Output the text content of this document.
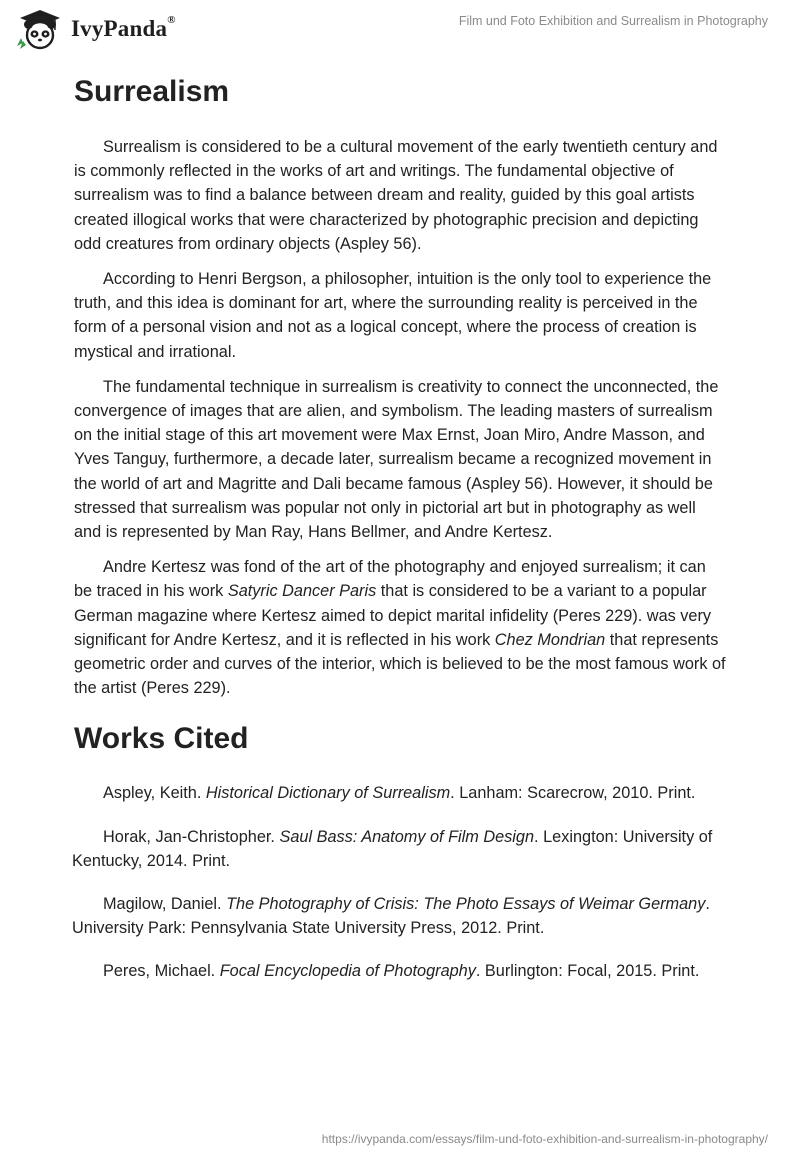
IvyPanda®	Film und Foto Exhibition and Surrealism in Photography
Surrealism

Surrealism is considered to be a cultural movement of the early twentieth century and is commonly reflected in the works of art and writings. The fundamental objective of surrealism was to find a balance between dream and reality, guided by this goal artists created illogical works that were characterized by photographic precision and depicting odd creatures from ordinary objects (Aspley 56).

According to Henri Bergson, a philosopher, intuition is the only tool to experience the truth, and this idea is dominant for art, where the surrounding reality is perceived in the form of a personal vision and not as a logical concept, where the process of creation is mystical and irrational.

The fundamental technique in surrealism is creativity to connect the unconnected, the convergence of images that are alien, and symbolism. The leading masters of surrealism on the initial stage of this art movement were Max Ernst, Joan Miro, Andre Masson, and Yves Tanguy, furthermore, a decade later, surrealism became a recognized movement in the world of art and Magritte and Dali became famous (Aspley 56). However, it should be stressed that surrealism was popular not only in pictorial art but in photography as well and is represented by Man Ray, Hans Bellmer, and Andre Kertesz.

Andre Kertesz was fond of the art of the photography and enjoyed surrealism; it can be traced in his work Satyric Dancer Paris that is considered to be a variant to a popular German magazine where Kertesz aimed to depict marital infidelity (Peres 229). was very significant for Andre Kertesz, and it is reflected in his work Chez Mondrian that represents geometric order and curves of the interior, which is believed to be the most famous work of the artist (Peres 229).

Works Cited

Aspley, Keith. Historical Dictionary of Surrealism. Lanham: Scarecrow, 2010. Print.

Horak, Jan-Christopher. Saul Bass: Anatomy of Film Design. Lexington: University of Kentucky, 2014. Print.

Magilow, Daniel. The Photography of Crisis: The Photo Essays of Weimar Germany. University Park: Pennsylvania State University Press, 2012. Print.

Peres, Michael. Focal Encyclopedia of Photography. Burlington: Focal, 2015. Print.

https://ivypanda.com/essays/film-und-foto-exhibition-and-surrealism-in-photography/
